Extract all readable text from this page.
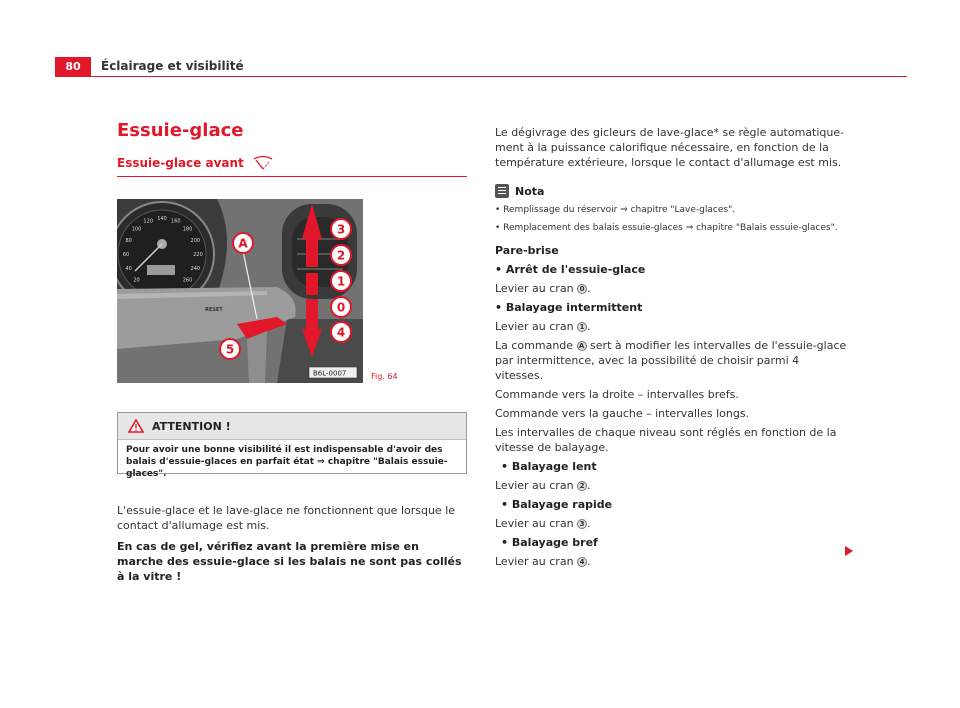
80	Éclairage et visibilité
Essuie-glace
Essuie-glace avant
20
40
60
80
100
120 140 160
180
200
220
240
260
RESET
B6L-0007
A
3
2
1
0
4
5
Fig. 64
ATTENTION !
Pour avoir une bonne visibilité il est indispensable d'avoir des balais d'essuie-glaces en parfait état ⇒ chapitre "Balais essuie-glaces".

L'essuie-glace et le lave-glace ne fonctionnent que lorsque le contact d'allumage est mis.

En cas de gel, vérifiez avant la première mise en marche des essuie-glace si les balais ne sont pas collés à la vitre !

Le dégivrage des gicleurs de lave-glace* se règle automatiquement à la puissance calorifique nécessaire, en fonction de la température extérieure, lorsque le contact d'allumage est mis.

Nota

• Remplissage du réservoir ⇒ chapitre "Lave-glaces".

• Remplacement des balais essuie-glaces ⇒ chapitre "Balais essuie-glaces".

Pare-brise
• Arrêt de l'essuie-glace
Levier au cran 0 .
• Balayage intermittent
Levier au cran 1 .
La commande A sert à modifier les intervalles de l'essuie-glace par intermittence, avec la possibilité de choisir parmi 4 vitesses.
Commande vers la droite – intervalles brefs.
Commande vers la gauche – intervalles longs.
Les intervalles de chaque niveau sont réglés en fonction de la vitesse de balayage.
• Balayage lent
Levier au cran 2 .
• Balayage rapide
Levier au cran 3 .
• Balayage bref
Levier au cran 4 .
